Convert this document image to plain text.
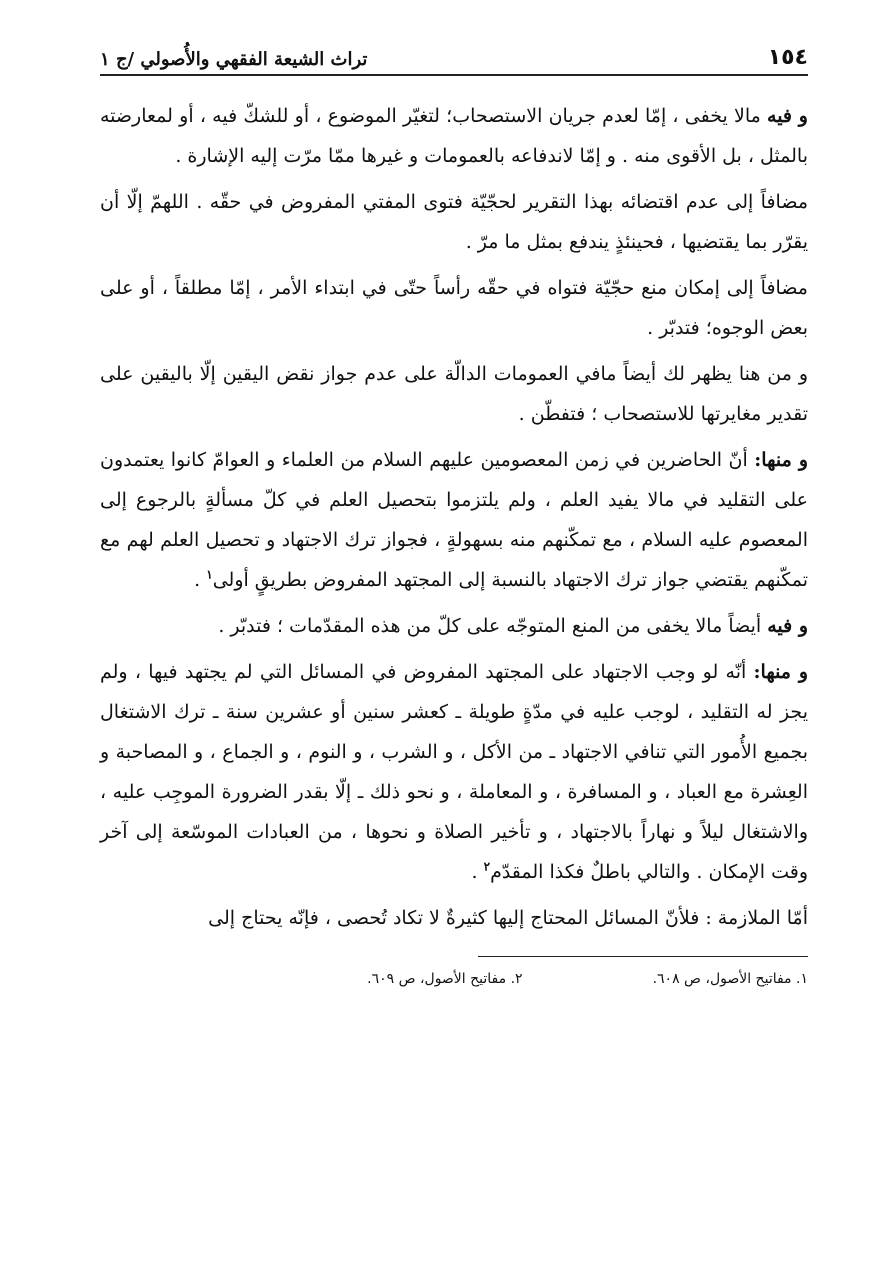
١٥٤
تراث الشيعة الفقهي والأُصولي /ج ١

و فيه مالا يخفى ، إمّا لعدم جريان الاستصحاب؛ لتغيّر الموضوع ، أو للشكّ فيه ، أو لمعارضته بالمثل ، بل الأقوى منه . و إمّا لاندفاعه بالعمومات و غيرها ممّا مرّت إليه الإشارة .

مضافاً إلى عدم اقتضائه بهذا التقرير لحجّيّة فتوى المفتي المفروض في حقّه . اللهمّ إلّا أن يقرّر بما يقتضيها ، فحينئذٍ يندفع بمثل ما مرّ .

مضافاً إلى إمكان منع حجّيّة فتواه في حقّه رأساً حتّى في ابتداء الأمر ، إمّا مطلقاً ، أو على بعض الوجوه؛ فتدبّر .

و من هنا يظهر لك أيضاً مافي العمومات الدالّة على عدم جواز نقض اليقين إلّا باليقين على تقدير مغايرتها للاستصحاب ؛ فتفطّن .

و منها: أنّ الحاضرين في زمن المعصومين عليهم السلام من العلماء و العوامّ كانوا يعتمدون على التقليد في مالا يفيد العلم ، ولم يلتزموا بتحصيل العلم في كلّ مسألةٍ بالرجوع إلى المعصوم عليه السلام ، مع تمكّنهم منه بسهولةٍ ، فجواز ترك الاجتهاد و تحصيل العلم لهم مع تمكّنهم يقتضي جواز ترك الاجتهاد بالنسبة إلى المجتهد المفروض بطريقٍ أولى$^١$ .

و فيه أيضاً مالا يخفى من المنع المتوجّه على كلّ من هذه المقدّمات ؛ فتدبّر .

و منها: أنّه لو وجب الاجتهاد على المجتهد المفروض في المسائل التي لم يجتهد فيها ، ولم يجز له التقليد ، لوجب عليه في مدّةٍ طويلة ـ كعشر سنين أو عشرين سنة ـ ترك الاشتغال بجميع الأُمور التي تنافي الاجتهاد ـ من الأكل ، و الشرب ، و النوم ، و الجماع ، و المصاحبة و العِشرة مع العباد ، و المسافرة ، و المعاملة ، و نحو ذلك ـ إلّا بقدر الضرورة الموجِب عليه ، والاشتغال ليلاً و نهاراً بالاجتهاد ، و تأخير الصلاة و نحوها ، من العبادات الموسّعة إلى آخر وقت الإمكان . والتالي باطلٌ فكذا المقدّم$^٢$ .

أمّا الملازمة : فلأنّ المسائل المحتاج إليها كثيرةٌ لا تكاد تُحصى ، فإنّه يحتاج إلى

١. مفاتيح الأصول، ص ٦٠٨.
٢. مفاتيح الأصول، ص ٦٠٩.
